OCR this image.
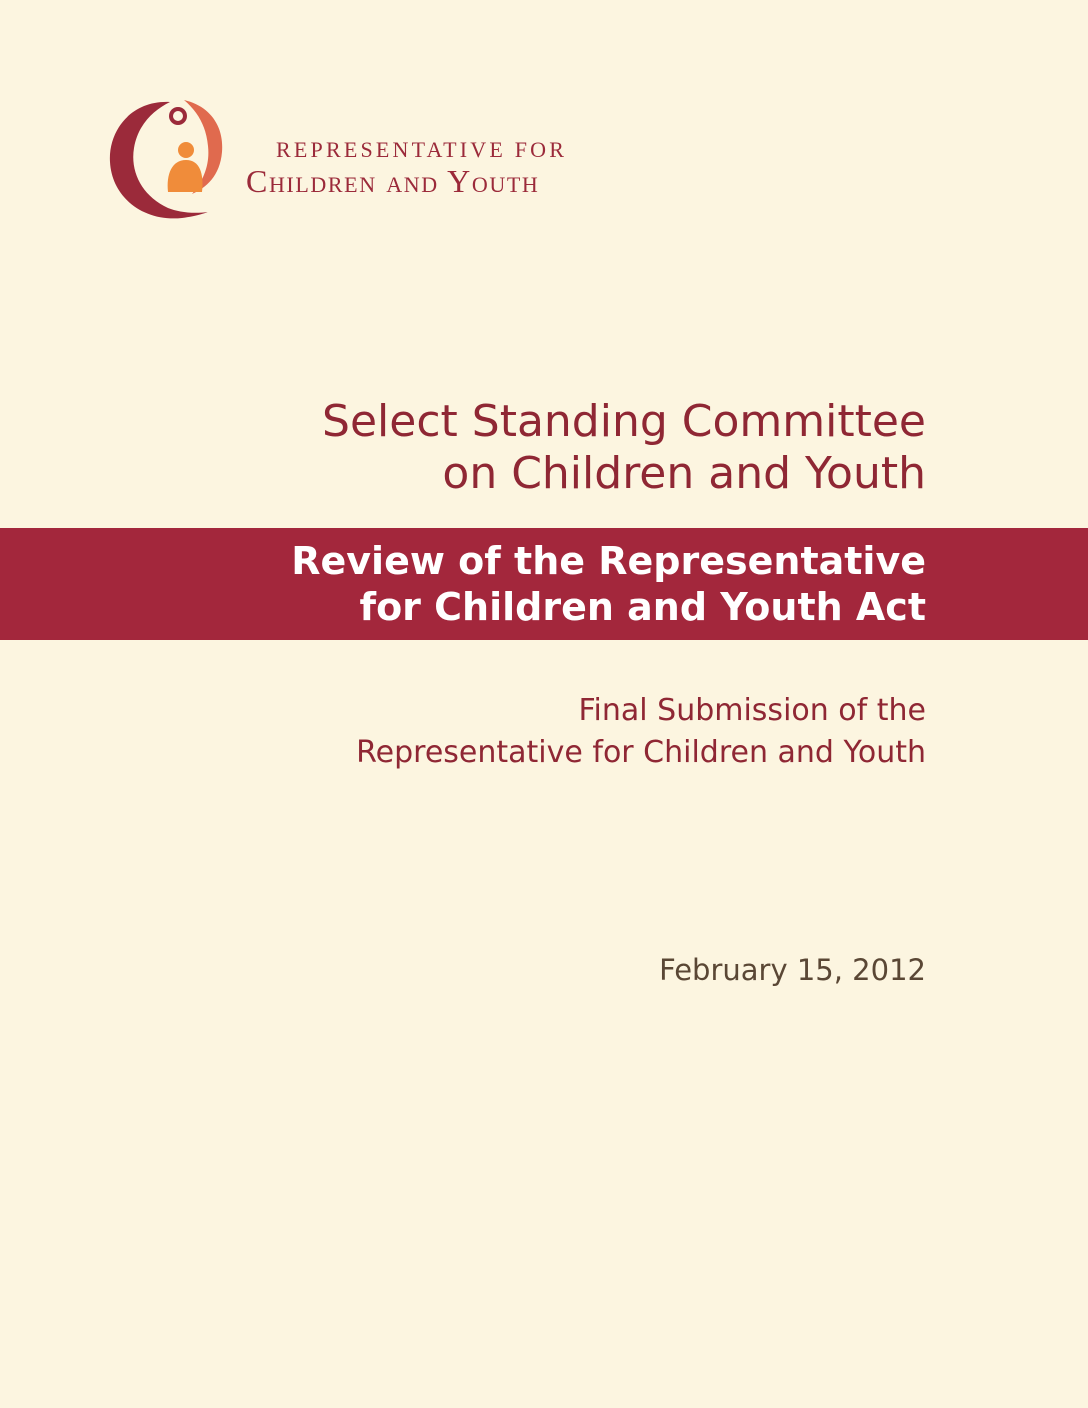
REPRESENTATIVE FOR
Children and Youth
Select Standing Committee
on Children and Youth
Review of the Representative
for Children and Youth Act
Final Submission of the
Representative for Children and Youth
February 15, 2012
